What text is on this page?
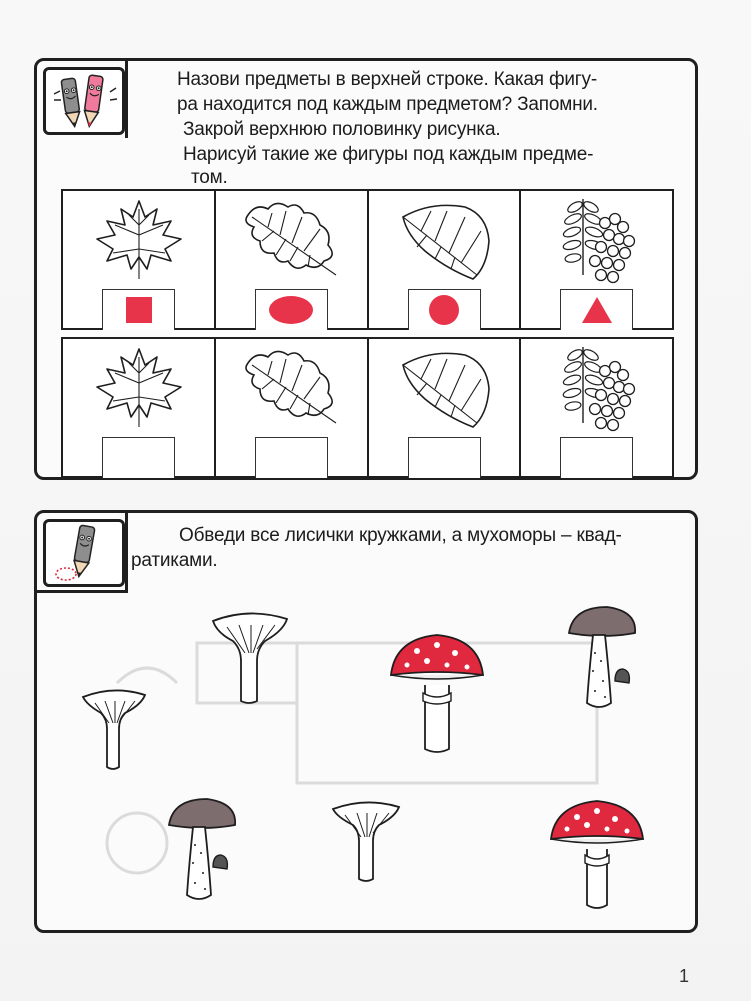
Назови предметы в верхней строке. Какая фигу-

ра находится под каждым предметом? Запомни.

Закрой верхнюю половинку рисунка.

Нарисуй такие же фигуры под каждым предме-

том.

Обведи все лисички кружками, а мухоморы – квад-

ратиками.

1
